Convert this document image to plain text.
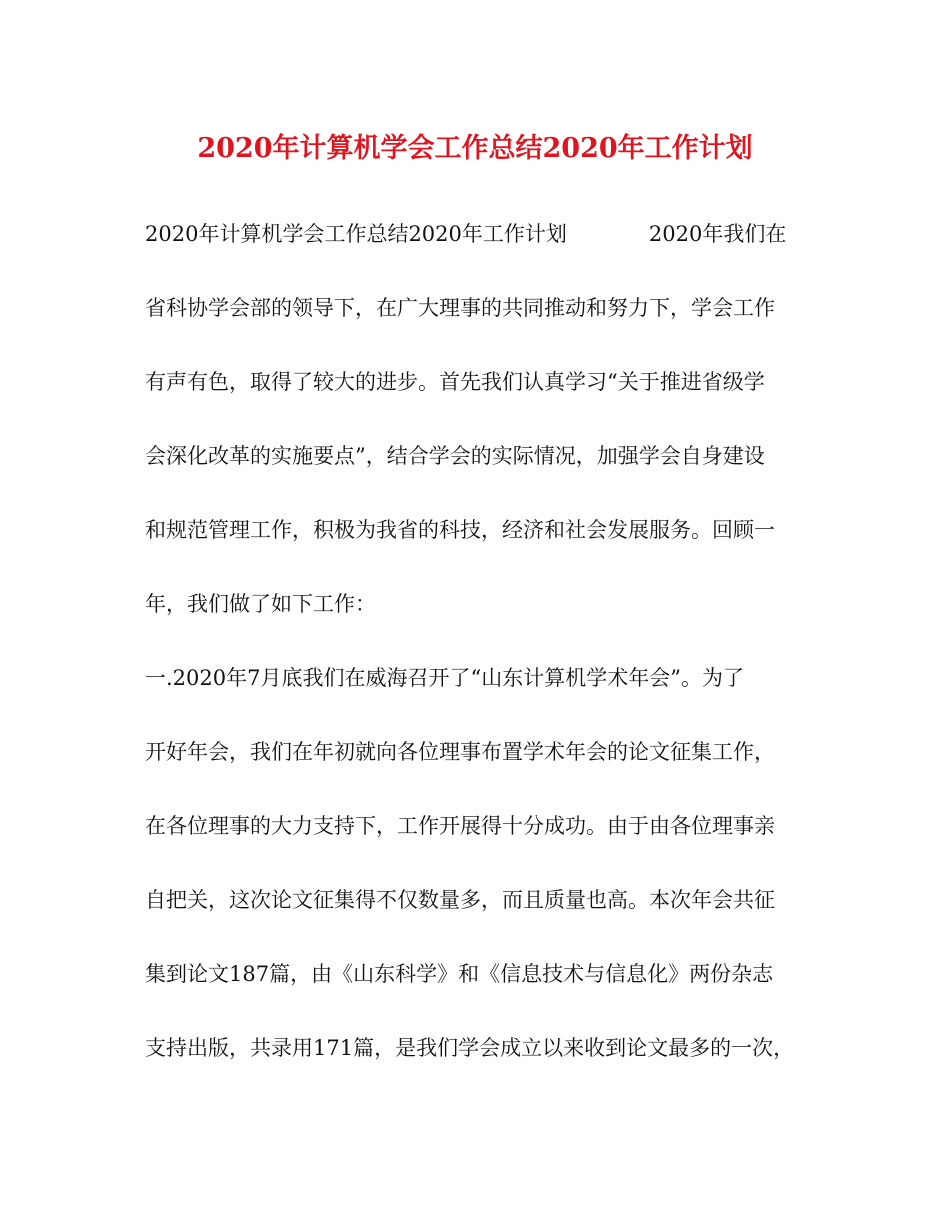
2020年计算机学会工作总结2020年工作计划
2020年计算机学会工作总结2020年工作计划	2020年我们在
省科协学会部的领导下，在广大理事的共同推动和努力下，学会工作
有声有色，取得了较大的进步。首先我们认真学习“关于推进省级学
会深化改革的实施要点”，结合学会的实际情况，加强学会自身建设
和规范管理工作，积极为我省的科技，经济和社会发展服务。回顾一
年，我们做了如下工作：
一.2020年7月底我们在威海召开了“山东计算机学术年会”。为了
开好年会，我们在年初就向各位理事布置学术年会的论文征集工作，
在各位理事的大力支持下，工作开展得十分成功。由于由各位理事亲
自把关，这次论文征集得不仅数量多，而且质量也高。本次年会共征
集到论文187篇，由《山东科学》和《信息技术与信息化》两份杂志
支持出版，共录用171篇，是我们学会成立以来收到论文最多的一次，
